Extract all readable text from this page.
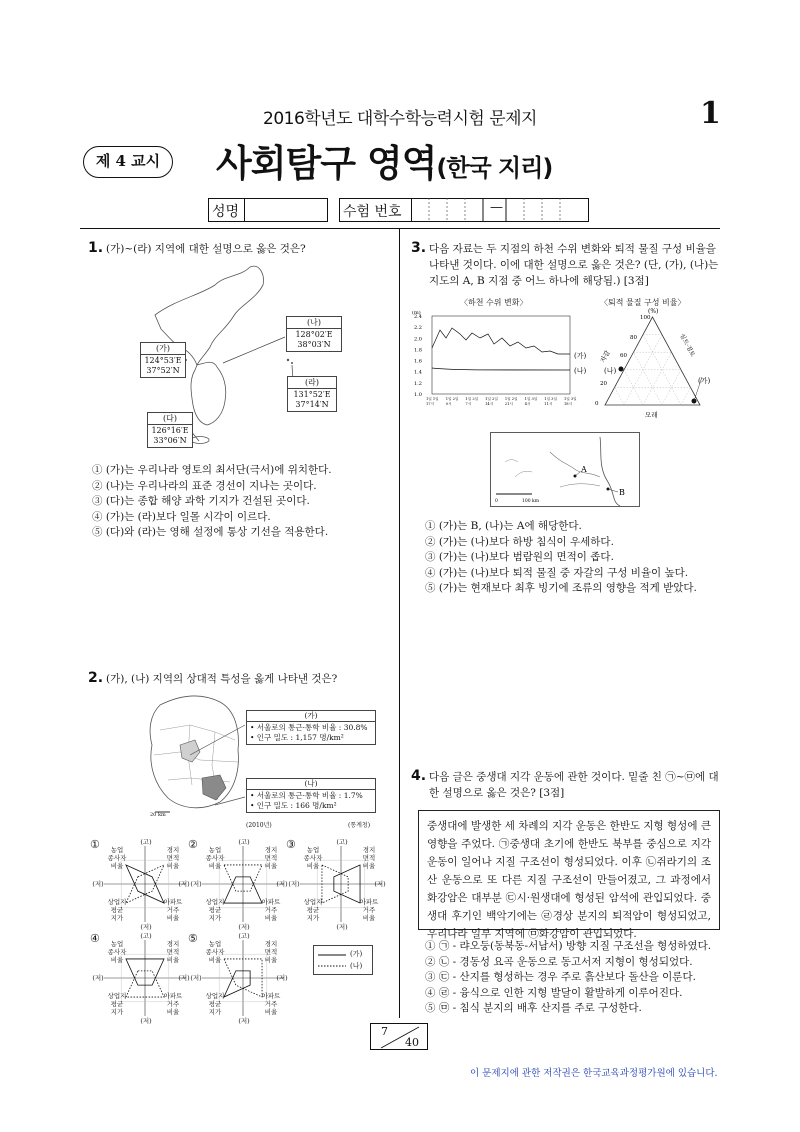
2016학년도 대학수학능력시험 문제지	1
제 4 교시	사회탐구 영역(한국 지리)
성명	수험 번호	—
1. (가)~(라) 지역에 대한 설명으로 옳은 것은?
(가)
124°53′E
37°52′N
(나)
128°02′E
38°03′N
(다)
126°16′E
33°06′N
(라)
131°52′E
37°14′N
① (가)는 우리나라 영토의 최서단(극서)에 위치한다.
② (나)는 우리나라의 표준 경선이 지나는 곳이다.
③ (다)는 종합 해양 과학 기지가 건설된 곳이다.
④ (가)는 (라)보다 일몰 시각이 이르다.
⑤ (다)와 (라)는 영해 설정에 통상 기선을 적용한다.
2. (가), (나) 지역의 상대적 특성을 옳게 나타낸 것은?
20 km
(가)
• 서울로의 통근·통학 비율 : 30.8%
• 인구 밀도 : 1,157 명/km²
(나)
• 서울로의 통근·통학 비율 : 1.7%
• 인구 밀도 : 166 명/km²
(2010년)	(통계청)
①	농업
종사자
비율
경지
면적
비율
상업지
평균
지가
아파트
거주
비율
(고)
(저)
(저)	(저)
②	농업
종사자
비율
경지
면적
비율
상업지
평균
지가
아파트
거주
비율
(고)
(저)
(저)	(저)
③	농업
종사자
비율
경지
면적
비율
상업지
평균
지가
아파트
거주
비율
(고)
(저)
(저)	(저)
④	농업
종사자
비율
경지
면적
비율
상업지
평균
지가
아파트
거주
비율
(고)
(저)
(저)	(저)
⑤	농업
종사자
비율
경지
면적
비율
상업지
평균
지가
아파트
거주
비율
(고)
(저)
(저)	(저)
(가)
(나)
3. 다음 자료는 두 지점의 하천 수위 변화와 퇴적 물질 구성 비율을 나타낸 것이다. 이에 대한 설명으로 옳은 것은? (단, (가), (나)는 지도의 A, B 지점 중 어느 하나에 해당됨.) [3점]
〈하천 수위 변화〉	〈퇴적 물질 구성 비율〉
2.4
2.2
2.0
1.8
1.6
1.4
1.2
1.0
(m)
1일 1일
17시
1일 2일
0시
1일 2일
7시
1일 2일
14시
1일 2일
21시
1일 3일
4시
1일 3일
11시
1일 3일
18시
(가)
(나)
(%)
100
80
60
20
0
자갈	실트·점토
모래
(나)
(가)
A
B
0	100 km
① (가)는 B, (나)는 A에 해당한다.
② (가)는 (나)보다 하방 침식이 우세하다.
③ (가)는 (나)보다 범람원의 면적이 좁다.
④ (가)는 (나)보다 퇴적 물질 중 자갈의 구성 비율이 높다.
⑤ (가)는 현재보다 최후 빙기에 조류의 영향을 적게 받았다.
4. 다음 글은 중생대 지각 운동에 관한 것이다. 밑줄 친 ㉠~㉤에 대한 설명으로 옳은 것은? [3점]
중생대에 발생한 세 차례의 지각 운동은 한반도 지형 형성에 큰 영향을 주었다. ㉠중생대 초기에 한반도 북부를 중심으로 지각 운동이 일어나 지질 구조선이 형성되었다. 이후 ㉡쥐라기의 조산 운동으로 또 다른 지질 구조선이 만들어졌고, 그 과정에서 화강암은 대부분 ㉢시·원생대에 형성된 암석에 관입되었다. 중생대 후기인 백악기에는 ㉣경상 분지의 퇴적암이 형성되었고, 우리나라 일부 지역에 ㉤화강암이 관입되었다.
① ㉠ - 랴오둥(동북동-서남서) 방향 지질 구조선을 형성하였다.
② ㉡ - 경동성 요곡 운동으로 동고서저 지형이 형성되었다.
③ ㉢ - 산지를 형성하는 경우 주로 흙산보다 돌산을 이룬다.
④ ㉣ - 융식으로 인한 지형 발달이 활발하게 이루어진다.
⑤ ㉤ - 침식 분지의 배후 산지를 주로 구성한다.
7
40
이 문제지에 관한 저작권은 한국교육과정평가원에 있습니다.
